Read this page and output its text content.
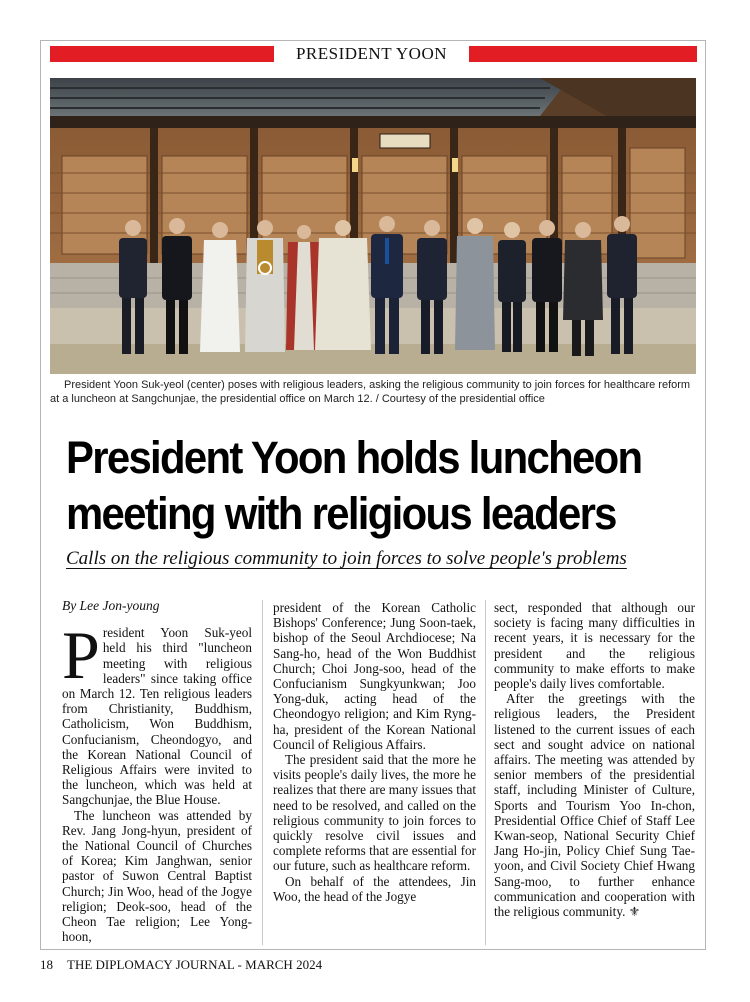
PRESIDENT YOON
President Yoon Suk-yeol (center) poses with religious leaders, asking the religious community to join forces for healthcare reform at a luncheon at Sangchunjae, the presidential office on March 12. / Courtesy of the presidential office
President Yoon holds luncheon meeting with religious leaders
Calls on the religious community to join forces to solve people's problems

By Lee Jon-young

President Yoon Suk-yeol held his third "luncheon meeting with religious leaders" since taking office on March 12. Ten religious leaders from Christianity, Buddhism, Catholicism, Won Buddhism, Confucianism, Cheondogyo, and the Korean National Council of Religious Affairs were invited to the luncheon, which was held at Sangchunjae, the Blue House.

The luncheon was attended by Rev. Jang Jong-hyun, president of the National Council of Churches of Korea; Kim Janghwan, senior pastor of Suwon Central Baptist Church; Jin Woo, head of the Jogye religion; Deok-soo, head of the Cheon Tae religion; Lee Yong-hoon,

president of the Korean Catholic Bishops' Conference; Jung Soon-taek, bishop of the Seoul Archdiocese; Na Sang-ho, head of the Won Buddhist Church; Choi Jong-soo, head of the Confucianism Sungkyunkwan; Joo Yong-duk, acting head of the Cheondogyo religion; and Kim Ryng-ha, president of the Korean National Council of Religious Affairs.

The president said that the more he visits people's daily lives, the more he realizes that there are many issues that need to be resolved, and called on the religious community to join forces to quickly resolve civil issues and complete reforms that are essential for our future, such as healthcare reform.

On behalf of the attendees, Jin Woo, the head of the Jogye

sect, responded that although our society is facing many difficulties in recent years, it is necessary for the president and the religious community to make efforts to make people's daily lives comfortable.

After the greetings with the religious leaders, the President listened to the current issues of each sect and sought advice on national affairs. The meeting was attended by senior members of the presidential staff, including Minister of Culture, Sports and Tourism Yoo In-chon, Presidential Office Chief of Staff Lee Kwan-seop, National Security Chief Jang Ho-jin, Policy Chief Sung Tae-yoon, and Civil Society Chief Hwang Sang-moo, to further enhance communication and cooperation with the religious community. ⚜

18 THE DIPLOMACY JOURNAL - MARCH 2024
